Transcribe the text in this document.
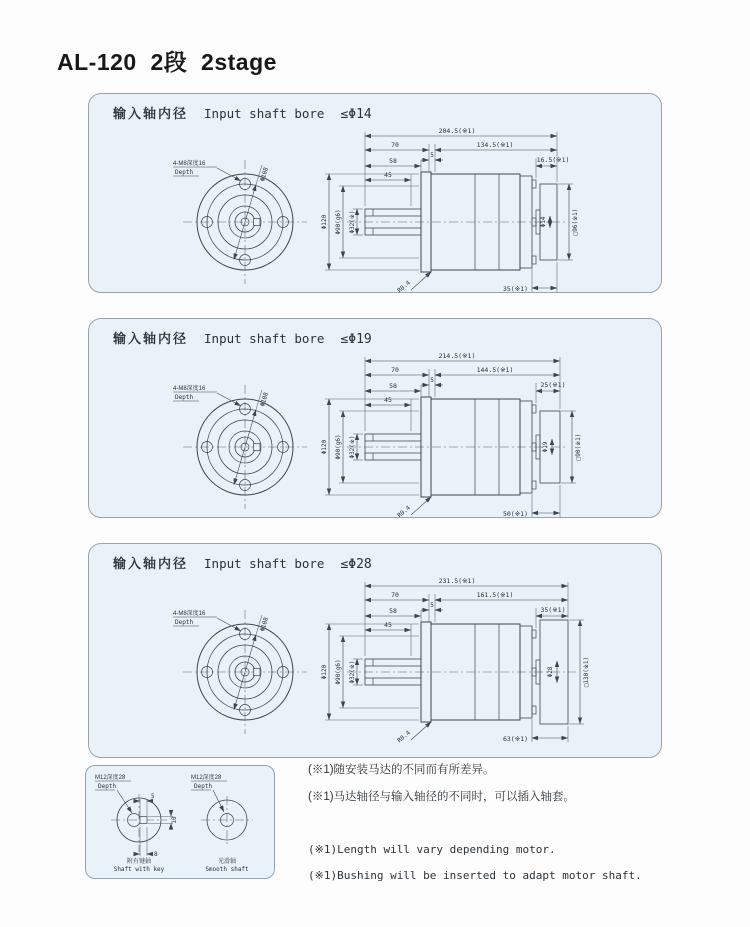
AL-120  2段  2stage
输入轴内径 Input shaft bore ≤Φ14
4-M8深度16
Depth	Φ108
204.5(※1)
70	134.5(※1)
5
58
45
16.5(※1)
Φ120 Φ90(g6) Φ32(※)	Φ14	□96(※1)
35(※1)
R0.4
输入轴内径 Input shaft bore ≤Φ19
4-M8深度16
Depth	Φ108
214.5(※1)
70	144.5(※1)
5
58
45
25(※1)
Φ120 Φ90(g6) Φ32(※)	Φ19	□90(※1)
50(※1)
R0.4
输入轴内径 Input shaft bore ≤Φ28
4-M8深度16
Depth	Φ108
231.5(※1)
70	161.5(※1)
5
58
45
35(※1)
Φ120 Φ90(g6) Φ32(※)	Φ28	□130(※1)
63(※1)
R0.4
5
10
8
M12深度28
Depth
附有键轴
Shaft with key
M12深度28
Depth
光滑轴
Smooth shaft

(※1)随安装马达的不同而有所差异。

(※1)马达轴径与输入轴径的不同时，可以插入轴套。

(※1)Length will vary depending motor.

(※1)Bushing will be inserted to adapt motor shaft.
